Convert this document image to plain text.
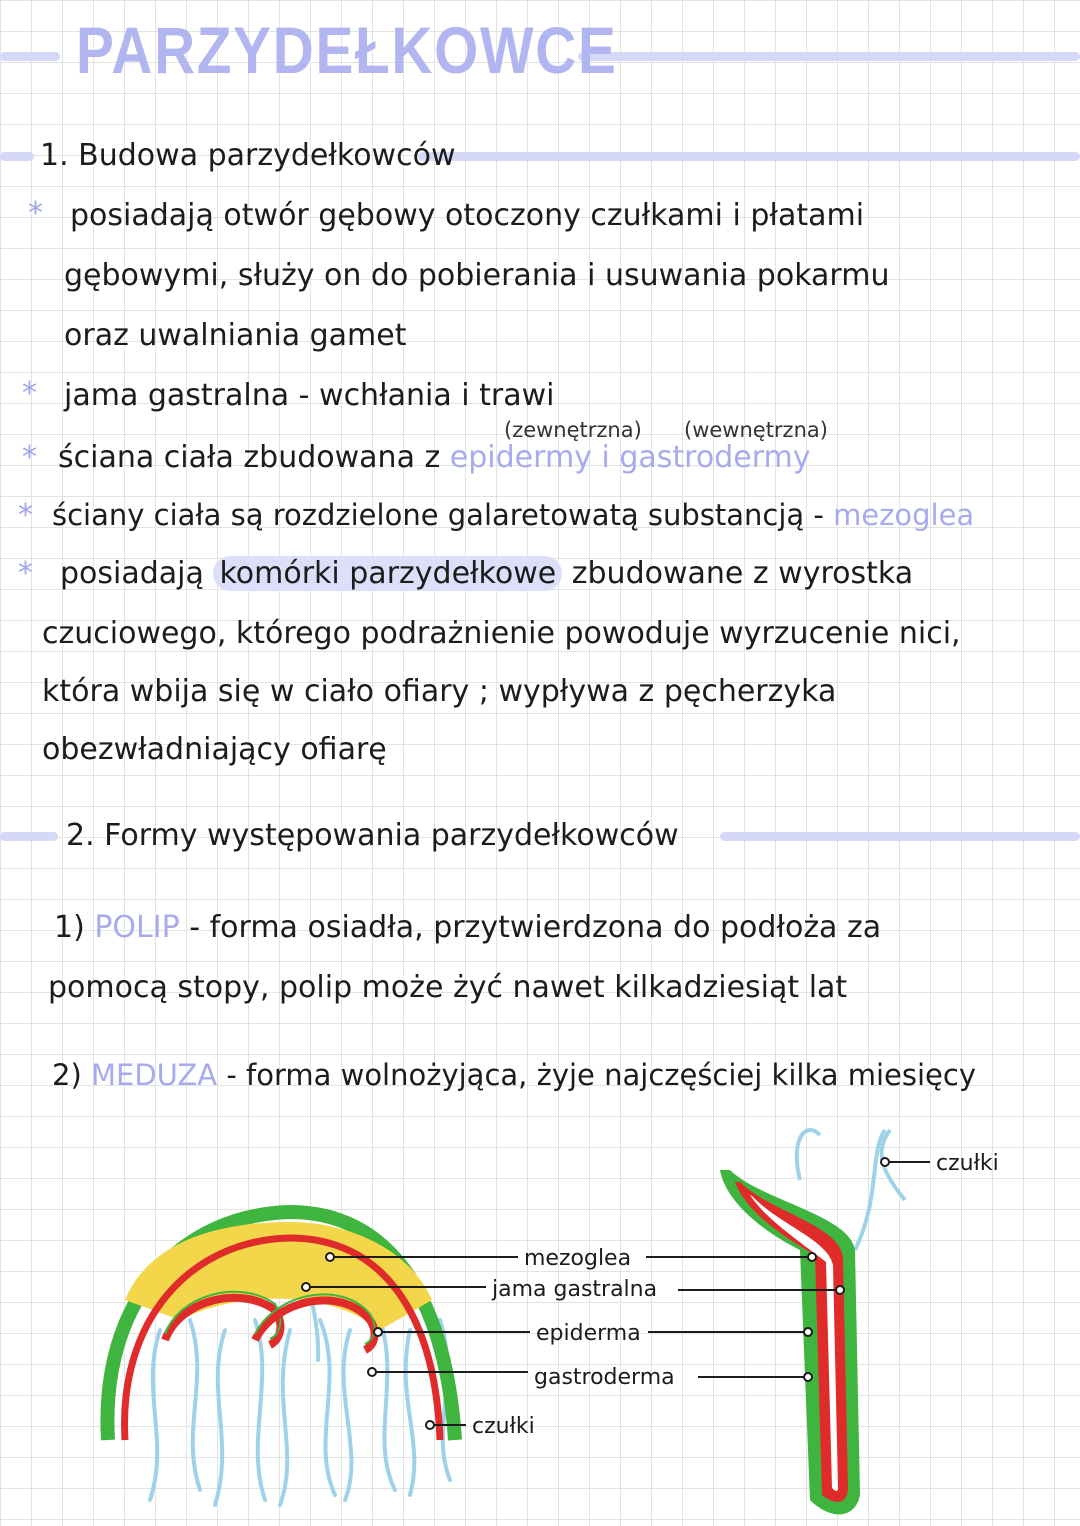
PARZYDEŁKOWCE
1. Budowa parzydełkowców
* posiadają otwór gębowy otoczony czułkami i płatami
gębowymi, służy on do pobierania i usuwania pokarmu
oraz uwalniania gamet
* jama gastralna - wchłania i trawi
(zewnętrzna) (wewnętrzna)
* ściana ciała zbudowana z epidermy i gastrodermy
* ściany ciała są rozdzielone galaretowatą substancją - mezoglea
* posiadają komórki parzydełkowe zbudowane z wyrostka
czuciowego, którego podrażnienie powoduje wyrzucenie nici,
która wbija się w ciało ofiary ; wypływa z pęcherzyka
obezwładniający ofiarę
2. Formy występowania parzydełkowców
1) POLIP - forma osiadła, przytwierdzona do podłoża za
pomocą stopy, polip może żyć nawet kilkadziesiąt lat
2) MEDUZA - forma wolnożyjąca, żyje najczęściej kilka miesięcy
mezoglea
jama gastralna
epiderma
gastroderma
czułki
czułki
